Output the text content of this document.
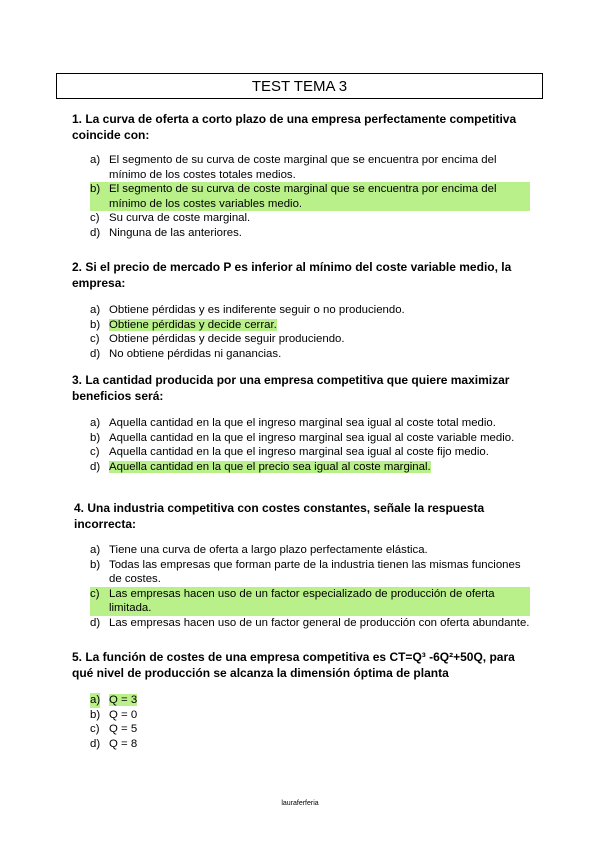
TEST TEMA 3
1. La curva de oferta a corto plazo de una empresa perfectamente competitiva coincide con:
a) El segmento de su curva de coste marginal que se encuentra por encima del mínimo de los costes totales medios.
b) El segmento de su curva de coste marginal que se encuentra por encima del mínimo de los costes variables medio.
c) Su curva de coste marginal.
d) Ninguna de las anteriores.
2. Si el precio de mercado P es inferior al mínimo del coste variable medio, la empresa:
a) Obtiene pérdidas y es indiferente seguir o no produciendo.
b) Obtiene pérdidas y decide cerrar.
c) Obtiene pérdidas y decide seguir produciendo.
d) No obtiene pérdidas ni ganancias.
3. La cantidad producida por una empresa competitiva que quiere maximizar beneficios será:
a) Aquella cantidad en la que el ingreso marginal sea igual al coste total medio.
b) Aquella cantidad en la que el ingreso marginal sea igual al coste variable medio.
c) Aquella cantidad en la que el ingreso marginal sea igual al coste fijo medio.
d) Aquella cantidad en la que el precio sea igual al coste marginal.
4. Una industria competitiva con costes constantes, señale la respuesta incorrecta:
a) Tiene una curva de oferta a largo plazo perfectamente elástica.
b) Todas las empresas que forman parte de la industria tienen las mismas funciones de costes.
c) Las empresas hacen uso de un factor especializado de producción de oferta limitada.
d) Las empresas hacen uso de un factor general de producción con oferta abundante.
5. La función de costes de una empresa competitiva es CT=Q³ -6Q²+50Q, para qué nivel de producción se alcanza la dimensión óptima de planta
a) Q = 3
b) Q = 0
c) Q = 5
d) Q = 8
lauraferferia
